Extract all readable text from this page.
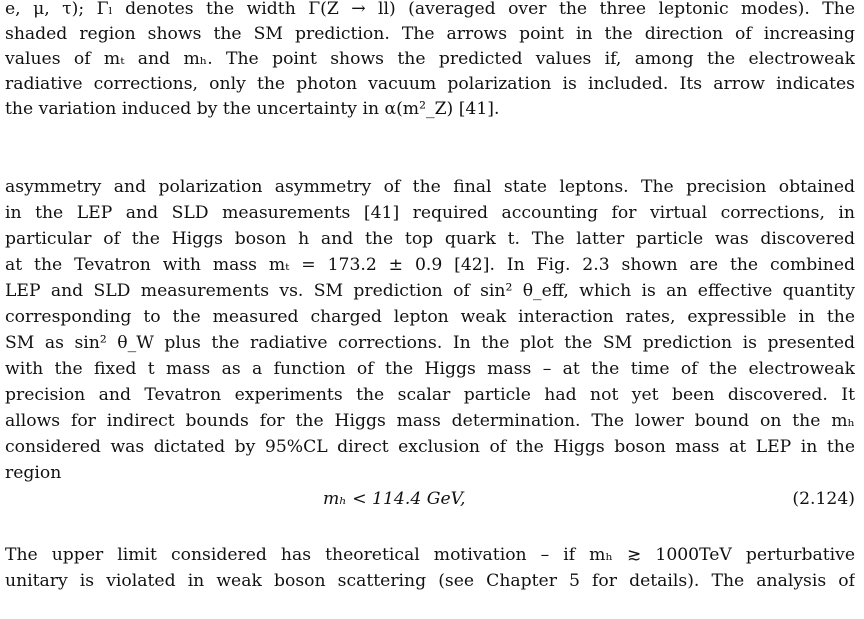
e, μ, τ); Γₗ denotes the width Γ(Z → ll̄) (averaged over the three leptonic modes). The
shaded region shows the SM prediction. The arrows point in the direction of increasing
values of mₜ and mₕ. The point shows the predicted values if, among the electroweak
radiative corrections, only the photon vacuum polarization is included. Its arrow indicates
the variation induced by the uncertainty in α(m²_Z) [41].
asymmetry and polarization asymmetry of the final state leptons. The precision obtained
in the LEP and SLD measurements [41] required accounting for virtual corrections, in
particular of the Higgs boson h and the top quark t. The latter particle was discovered
at the Tevatron with mass mₜ = 173.2 ± 0.9 [42]. In Fig. 2.3 shown are the combined
LEP and SLD measurements vs. SM prediction of sin² θ_eff, which is an effective quantity
corresponding to the measured charged lepton weak interaction rates, expressible in the
SM as sin² θ_W plus the radiative corrections. In the plot the SM prediction is presented
with the fixed t mass as a function of the Higgs mass – at the time of the electroweak
precision and Tevatron experiments the scalar particle had not yet been discovered. It
allows for indirect bounds for the Higgs mass determination. The lower bound on the mₕ
considered was dictated by 95%CL direct exclusion of the Higgs boson mass at LEP in the
region
mₕ < 114.4 GeV,	(2.124)
The upper limit considered has theoretical motivation – if mₕ ≳ 1000TeV perturbative
unitary is violated in weak boson scattering (see Chapter 5 for details). The analysis of
